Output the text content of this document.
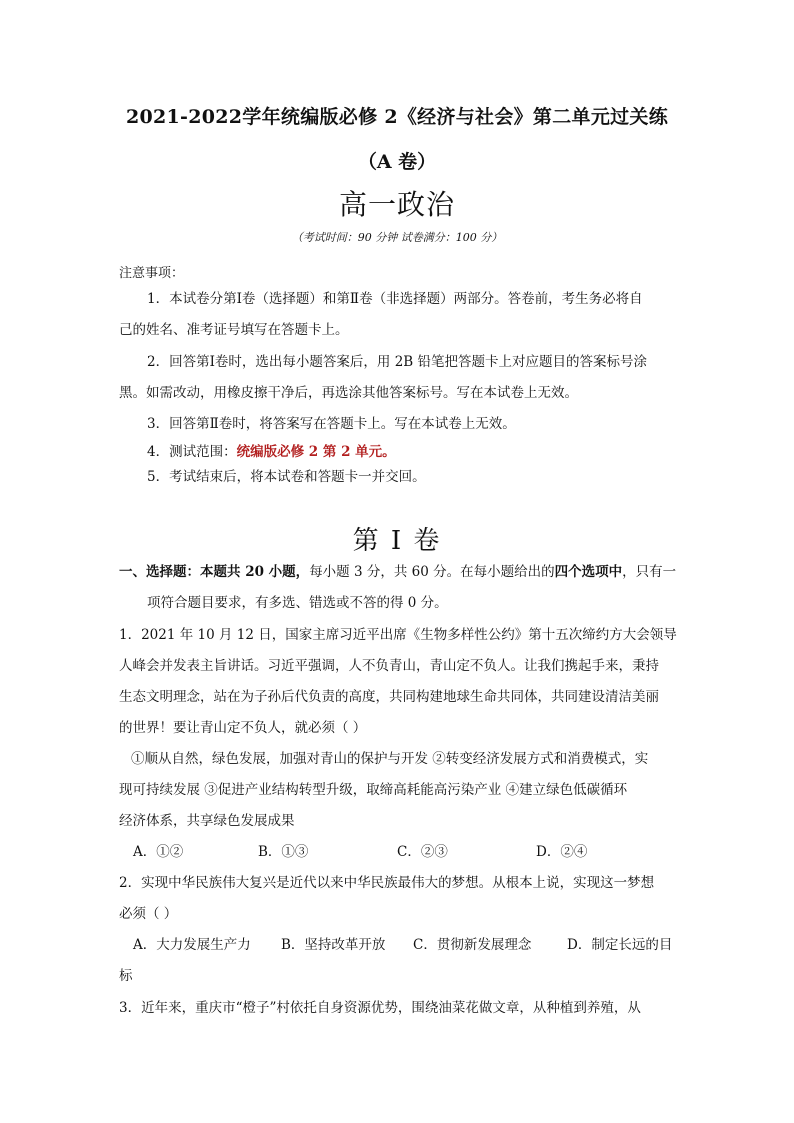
2021-2022学年统编版必修 2《经济与社会》第二单元过关练
（A 卷）
高一政治
（考试时间：90 分钟 试卷满分：100 分）
注意事项：
1．本试卷分第Ⅰ卷（选择题）和第Ⅱ卷（非选择题）两部分。答卷前，考生务必将自
己的姓名、准考证号填写在答题卡上。
2．回答第Ⅰ卷时，选出每小题答案后，用 2B 铅笔把答题卡上对应题目的答案标号涂
黑。如需改动，用橡皮擦干净后，再选涂其他答案标号。写在本试卷上无效。
3．回答第Ⅱ卷时，将答案写在答题卡上。写在本试卷上无效。
4．测试范围：统编版必修 2 第 2 单元。
5．考试结束后，将本试卷和答题卡一并交回。
第 I 卷
一、选择题：本题共 20 小题，每小题 3 分，共 60 分。在每小题给出的四个选项中，只有一
项符合题目要求，有多选、错选或不答的得 0 分。
1．2021 年 10 月 12 日，国家主席习近平出席《生物多样性公约》第十五次缔约方大会领导
人峰会并发表主旨讲话。习近平强调，人不负青山，青山定不负人。让我们携起手来，秉持
生态文明理念，站在为子孙后代负责的高度，共同构建地球生命共同体，共同建设清洁美丽
的世界！要让青山定不负人，就必须（ ）
①顺从自然，绿色发展，加强对青山的保护与开发 ②转变经济发展方式和消费模式，实
现可持续发展 ③促进产业结构转型升级，取缔高耗能高污染产业 ④建立绿色低碳循环
经济体系，共享绿色发展成果
A．①②	B．①③	C．②③	D．②④
2．实现中华民族伟大复兴是近代以来中华民族最伟大的梦想。从根本上说，实现这一梦想
必须（ ）
A．大力发展生产力 B．坚持改革开放 C．贯彻新发展理念	D．制定长远的目
标
3．近年来，重庆市“橙子”村依托自身资源优势，围绕油菜花做文章，从种植到养殖，从
